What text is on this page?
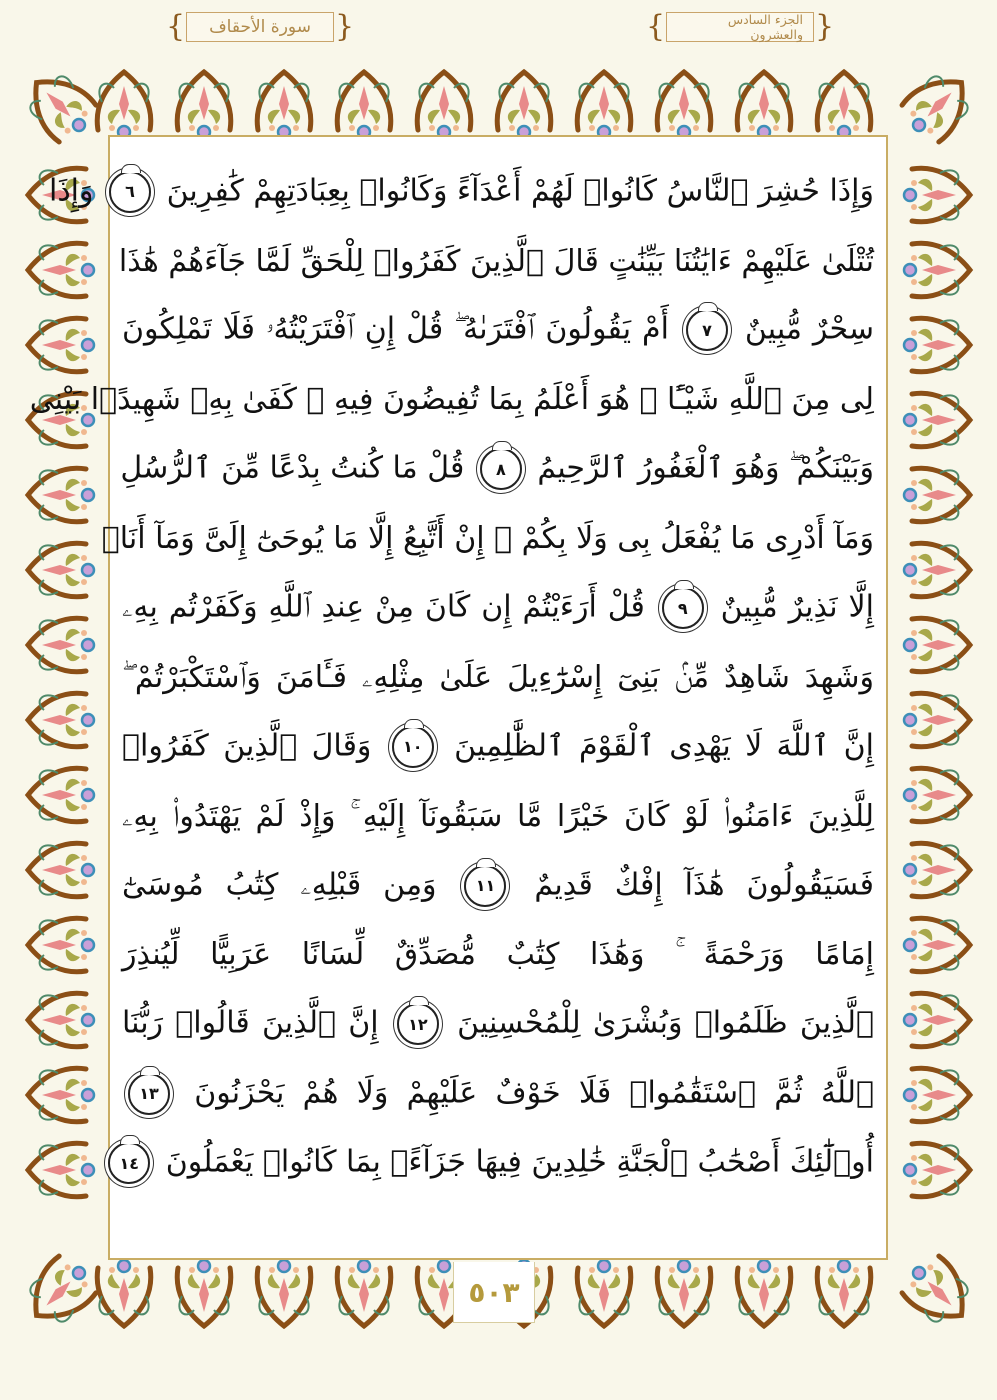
{	سورة الأحقاف }	{	الجزء السادس والعشرون }
وَإِذَا حُشِرَ ٱلنَّاسُ كَانُوا۟ لَهُمْ أَعْدَآءً وَكَانُوا۟ بِعِبَادَتِهِمْ كَٰفِرِينَ ٦ وَإِذَا
تُتْلَىٰ عَلَيْهِمْ ءَايَٰتُنَا بَيِّنَٰتٍ قَالَ ٱلَّذِينَ كَفَرُوا۟ لِلْحَقِّ لَمَّا جَآءَهُمْ هَٰذَا
سِحْرٌ مُّبِينٌ ٧ أَمْ يَقُولُونَ ٱفْتَرَىٰهُ ۖ قُلْ إِنِ ٱفْتَرَيْتُهُۥ فَلَا تَمْلِكُونَ
لِى مِنَ ٱللَّهِ شَيْـًٔا ۖ هُوَ أَعْلَمُ بِمَا تُفِيضُونَ فِيهِ ۖ كَفَىٰ بِهِۦ شَهِيدًۢا بَيْنِى
وَبَيْنَكُمْ ۖ وَهُوَ ٱلْغَفُورُ ٱلرَّحِيمُ ٨ قُلْ مَا كُنتُ بِدْعًا مِّنَ ٱلرُّسُلِ
وَمَآ أَدْرِى مَا يُفْعَلُ بِى وَلَا بِكُمْ ۖ إِنْ أَتَّبِعُ إِلَّا مَا يُوحَىٰٓ إِلَىَّ وَمَآ أَنَا۠
إِلَّا نَذِيرٌ مُّبِينٌ ٩ قُلْ أَرَءَيْتُمْ إِن كَانَ مِنْ عِندِ ٱللَّهِ وَكَفَرْتُم بِهِۦ
وَشَهِدَ شَاهِدٌ مِّنۢ بَنِىٓ إِسْرَٰٓءِيلَ عَلَىٰ مِثْلِهِۦ فَـَٔامَنَ وَٱسْتَكْبَرْتُمْ ۖ
إِنَّ ٱللَّهَ لَا يَهْدِى ٱلْقَوْمَ ٱلظَّٰلِمِينَ ١٠ وَقَالَ ٱلَّذِينَ كَفَرُوا۟
لِلَّذِينَ ءَامَنُوا۟ لَوْ كَانَ خَيْرًا مَّا سَبَقُونَآ إِلَيْهِ ۚ وَإِذْ لَمْ يَهْتَدُوا۟ بِهِۦ
فَسَيَقُولُونَ هَٰذَآ إِفْكٌ قَدِيمٌ ١١ وَمِن قَبْلِهِۦ كِتَٰبُ مُوسَىٰٓ
إِمَامًا وَرَحْمَةً ۚ وَهَٰذَا كِتَٰبٌ مُّصَدِّقٌ لِّسَانًا عَرَبِيًّا لِّيُنذِرَ
ٱلَّذِينَ ظَلَمُوا۟ وَبُشْرَىٰ لِلْمُحْسِنِينَ ١٢ إِنَّ ٱلَّذِينَ قَالُوا۟ رَبُّنَا
ٱللَّهُ ثُمَّ ٱسْتَقَٰمُوا۟ فَلَا خَوْفٌ عَلَيْهِمْ وَلَا هُمْ يَحْزَنُونَ ١٣
أُو۟لَٰٓئِكَ أَصْحَٰبُ ٱلْجَنَّةِ خَٰلِدِينَ فِيهَا جَزَآءًۢ بِمَا كَانُوا۟ يَعْمَلُونَ ١٤
٥٠٣
